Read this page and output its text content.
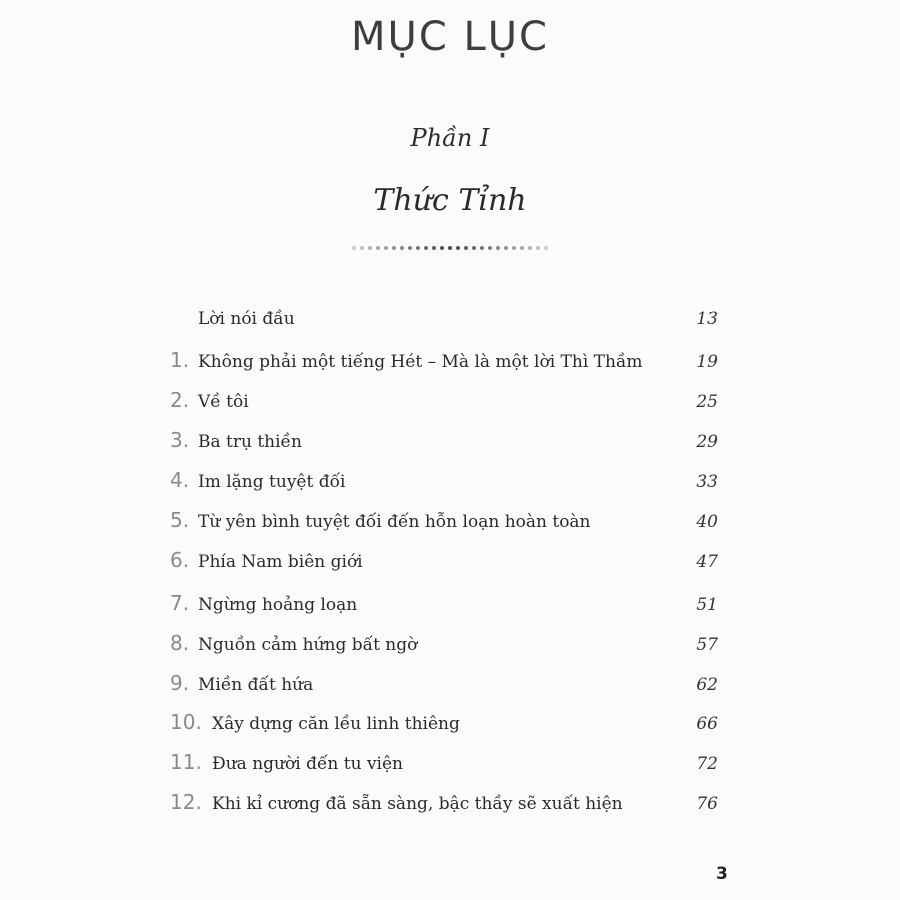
MỤC LỤC
Phần I
Thức Tỉnh
Lời nói đầu	13
1. Không phải một tiếng Hét – Mà là một lời Thì Thầm	19
2. Về tôi	25
3. Ba trụ thiền	29
4. Im lặng tuyệt đối	33
5. Từ yên bình tuyệt đối đến hỗn loạn hoàn toàn	40
6. Phía Nam biên giới	47
7. Ngừng hoảng loạn	51
8. Nguồn cảm hứng bất ngờ	57
9. Miền đất hứa	62
10. Xây dựng căn lều linh thiêng	66
11. Đưa người đến tu viện	72
12. Khi kỉ cương đã sẵn sàng, bậc thầy sẽ xuất hiện	76
3
